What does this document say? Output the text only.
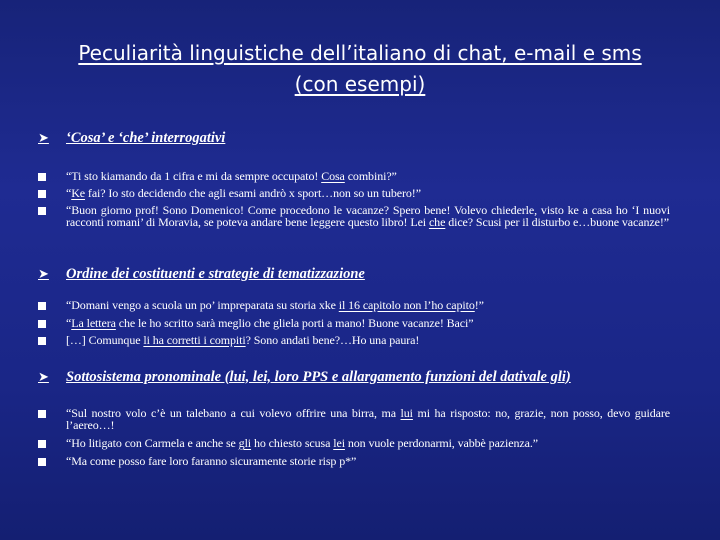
Peculiarità linguistiche dell’italiano di chat, e-mail e sms
(con esempi)
➤	‘Cosa’ e ‘che’ interrogativi
“Ti sto kiamando da 1 cifra e mi da sempre occupato! Cosa combini?”
“Ke fai? Io sto decidendo che agli esami andrò x sport…non so un tubero!”
“Buon giorno prof! Sono Domenico! Come procedono le vacanze? Spero bene! Volevo chiederle, visto ke a casa ho ‘I nuovi racconti romani’ di Moravia, se poteva andare bene leggere questo libro! Lei che dice? Scusi per il disturbo e…buone vacanze!”
➤	Ordine dei costituenti e strategie di tematizzazione
“Domani vengo a scuola un po’ impreparata su storia xke il 16 capitolo non l’ho capito!”
“La lettera che le ho scritto sarà meglio che gliela porti a mano! Buone vacanze! Baci”
[…] Comunque li ha corretti i compiti? Sono andati bene?…Ho una paura!
➤	Sottosistema pronominale (lui, lei, loro PPS e allargamento funzioni del dativale gli)
“Sul nostro volo c’è un talebano a cui volevo offrire una birra, ma lui mi ha risposto: no, grazie, non posso, devo guidare l’aereo…!
“Ho litigato con Carmela e anche se gli ho chiesto scusa lei non vuole perdonarmi, vabbè pazienza.”
“Ma come posso fare loro faranno sicuramente storie risp p*”
